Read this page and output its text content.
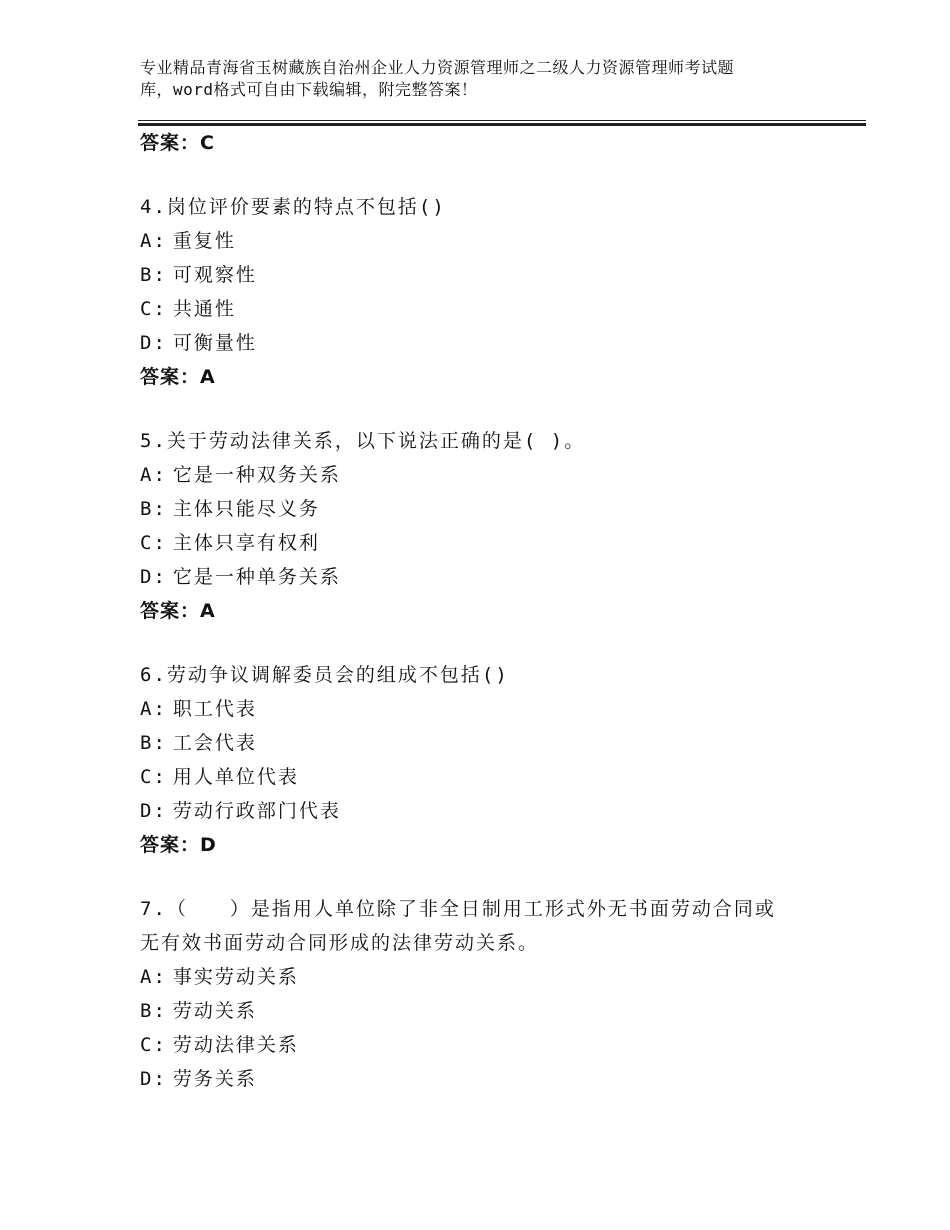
专业精品青海省玉树藏族自治州企业人力资源管理师之二级人力资源管理师考试题
库，word格式可自由下载编辑，附完整答案！
答案：C
4.岗位评价要素的特点不包括()
A: 重复性
B: 可观察性
C: 共通性
D: 可衡量性
答案：A
5.关于劳动法律关系，以下说法正确的是( )。
A: 它是一种双务关系
B: 主体只能尽义务
C: 主体只享有权利
D: 它是一种单务关系
答案：A
6.劳动争议调解委员会的组成不包括()
A: 职工代表
B: 工会代表
C: 用人单位代表
D: 劳动行政部门代表
答案：D
7.（　　）是指用人单位除了非全日制用工形式外无书面劳动合同或
无有效书面劳动合同形成的法律劳动关系。
A: 事实劳动关系
B: 劳动关系
C: 劳动法律关系
D: 劳务关系
